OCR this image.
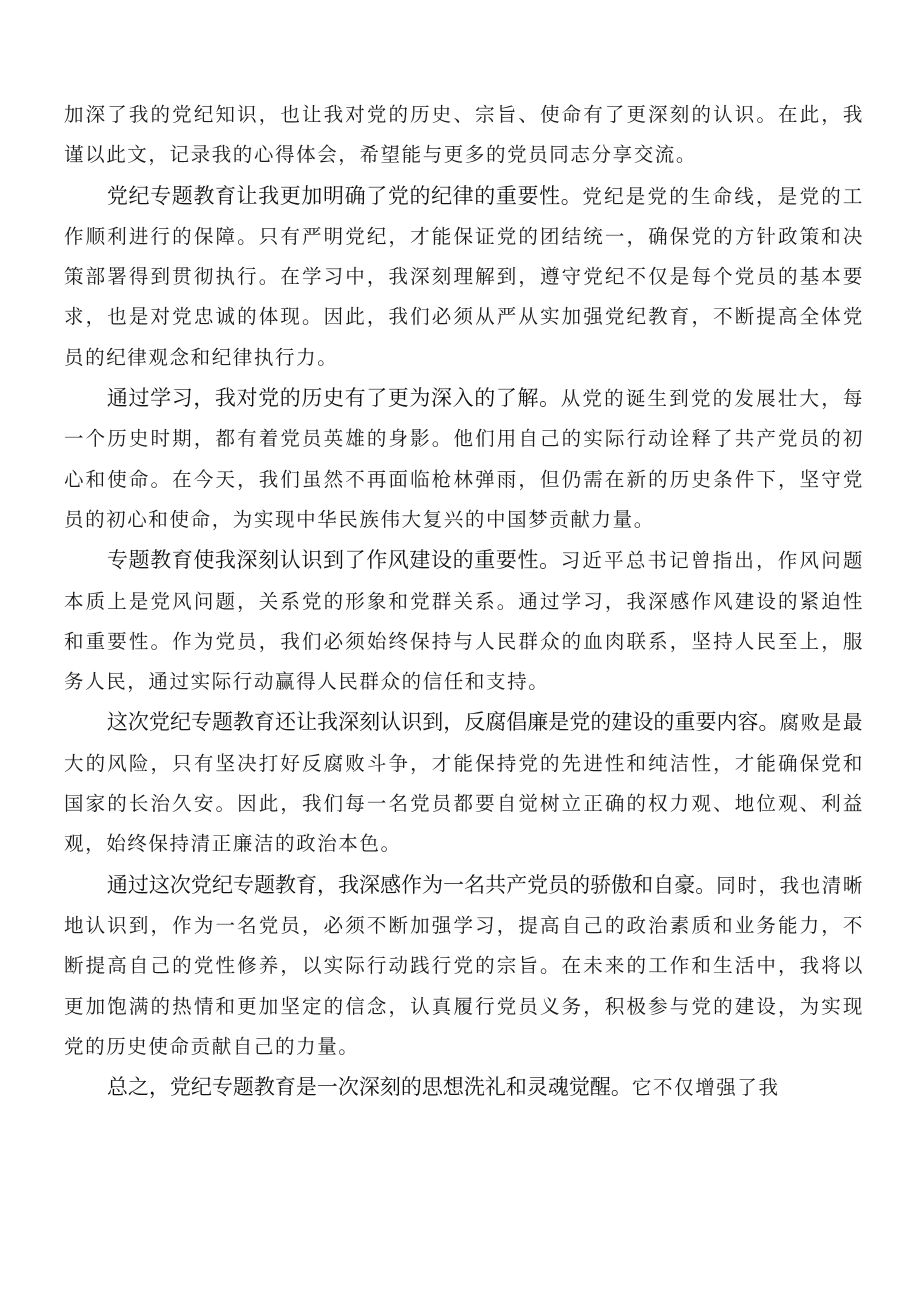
加深了我的党纪知识，也让我对党的历史、宗旨、使命有了更深刻的认识。在此，我谨以此文，记录我的心得体会，希望能与更多的党员同志分享交流。

党纪专题教育让我更加明确了党的纪律的重要性。党纪是党的生命线，是党的工作顺利进行的保障。只有严明党纪，才能保证党的团结统一，确保党的方针政策和决策部署得到贯彻执行。在学习中，我深刻理解到，遵守党纪不仅是每个党员的基本要求，也是对党忠诚的体现。因此，我们必须从严从实加强党纪教育，不断提高全体党员的纪律观念和纪律执行力。

通过学习，我对党的历史有了更为深入的了解。从党的诞生到党的发展壮大，每一个历史时期，都有着党员英雄的身影。他们用自己的实际行动诠释了共产党员的初心和使命。在今天，我们虽然不再面临枪林弹雨，但仍需在新的历史条件下，坚守党员的初心和使命，为实现中华民族伟大复兴的中国梦贡献力量。

专题教育使我深刻认识到了作风建设的重要性。习近平总书记曾指出，作风问题本质上是党风问题，关系党的形象和党群关系。通过学习，我深感作风建设的紧迫性和重要性。作为党员，我们必须始终保持与人民群众的血肉联系，坚持人民至上，服务人民，通过实际行动赢得人民群众的信任和支持。

这次党纪专题教育还让我深刻认识到，反腐倡廉是党的建设的重要内容。腐败是最大的风险，只有坚决打好反腐败斗争，才能保持党的先进性和纯洁性，才能确保党和国家的长治久安。因此，我们每一名党员都要自觉树立正确的权力观、地位观、利益观，始终保持清正廉洁的政治本色。

通过这次党纪专题教育，我深感作为一名共产党员的骄傲和自豪。同时，我也清晰地认识到，作为一名党员，必须不断加强学习，提高自己的政治素质和业务能力，不断提高自己的党性修养，以实际行动践行党的宗旨。在未来的工作和生活中，我将以更加饱满的热情和更加坚定的信念，认真履行党员义务，积极参与党的建设，为实现党的历史使命贡献自己的力量。

总之，党纪专题教育是一次深刻的思想洗礼和灵魂觉醒。它不仅增强了我
